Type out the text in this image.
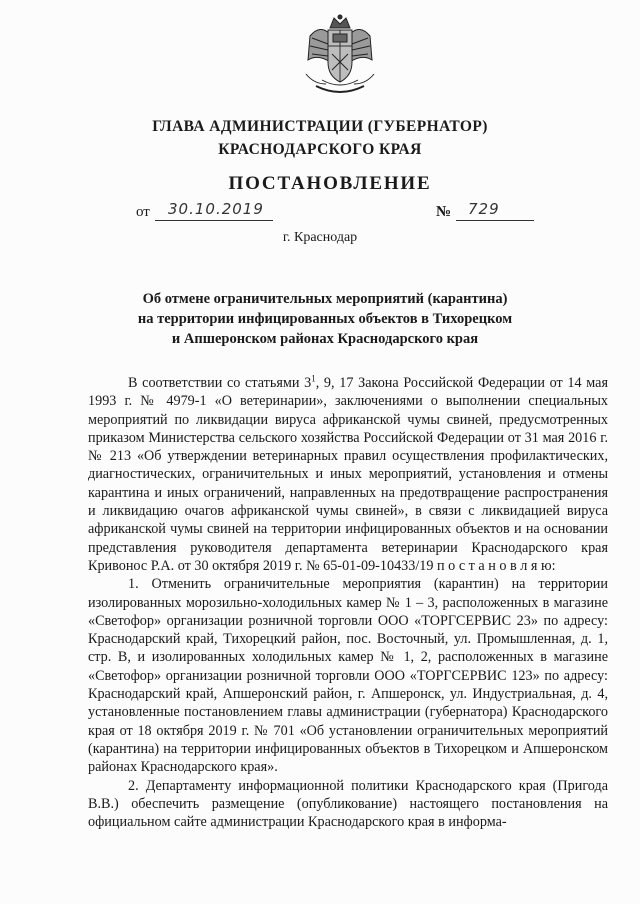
ГЛАВА АДМИНИСТРАЦИИ (ГУБЕРНАТОР)
КРАСНОДАРСКОГО КРАЯ
ПОСТАНОВЛЕНИЕ
от 30.10.2019	№ 729
г. Краснодар
Об отмене ограничительных мероприятий (карантина)
на территории инфицированных объектов в Тихорецком
и Апшеронском районах Краснодарского края

В соответствии со статьями $3^1$, 9, 17 Закона Российской Федерации от 14 мая 1993 г. № 4979-1 «О ветеринарии», заключениями о выполнении специальных мероприятий по ликвидации вируса африканской чумы свиней, предусмотренных приказом Министерства сельского хозяйства Российской Федерации от 31 мая 2016 г. № 213 «Об утверждении ветеринарных правил осуществления профилактических, диагностических, ограничительных и иных мероприятий, установления и отмены карантина и иных ограничений, направленных на предотвращение распространения и ликвидацию очагов африканской чумы свиней», в связи с ликвидацией вируса африканской чумы свиней на территории инфицированных объектов и на основании представления руководителя департамента ветеринарии Краснодарского края Кривонос Р.А. от 30 октября 2019 г. № 65-01-09-10433/19 п о с т а н о в л я ю:

1. Отменить ограничительные мероприятия (карантин) на территории изолированных морозильно-холодильных камер № 1 – 3, расположенных в магазине «Светофор» организации розничной торговли ООО «ТОРГСЕРВИС 23» по адресу: Краснодарский край, Тихорецкий район, пос. Восточный, ул. Промышленная, д. 1, стр. В, и изолированных холодильных камер № 1, 2, расположенных в магазине «Светофор» организации розничной торговли ООО «ТОРГСЕРВИС 123» по адресу: Краснодарский край, Апшеронский район, г. Апшеронск, ул. Индустриальная, д. 4, установленные постановлением главы администрации (губернатора) Краснодарского края от 18 октября 2019 г. № 701 «Об установлении ограничительных мероприятий (карантина) на территории инфицированных объектов в Тихорецком и Апшеронском районах Краснодарского края».

2. Департаменту информационной политики Краснодарского края (Пригода В.В.) обеспечить размещение (опубликование) настоящего постановления на официальном сайте администрации Краснодарского края в информа-
